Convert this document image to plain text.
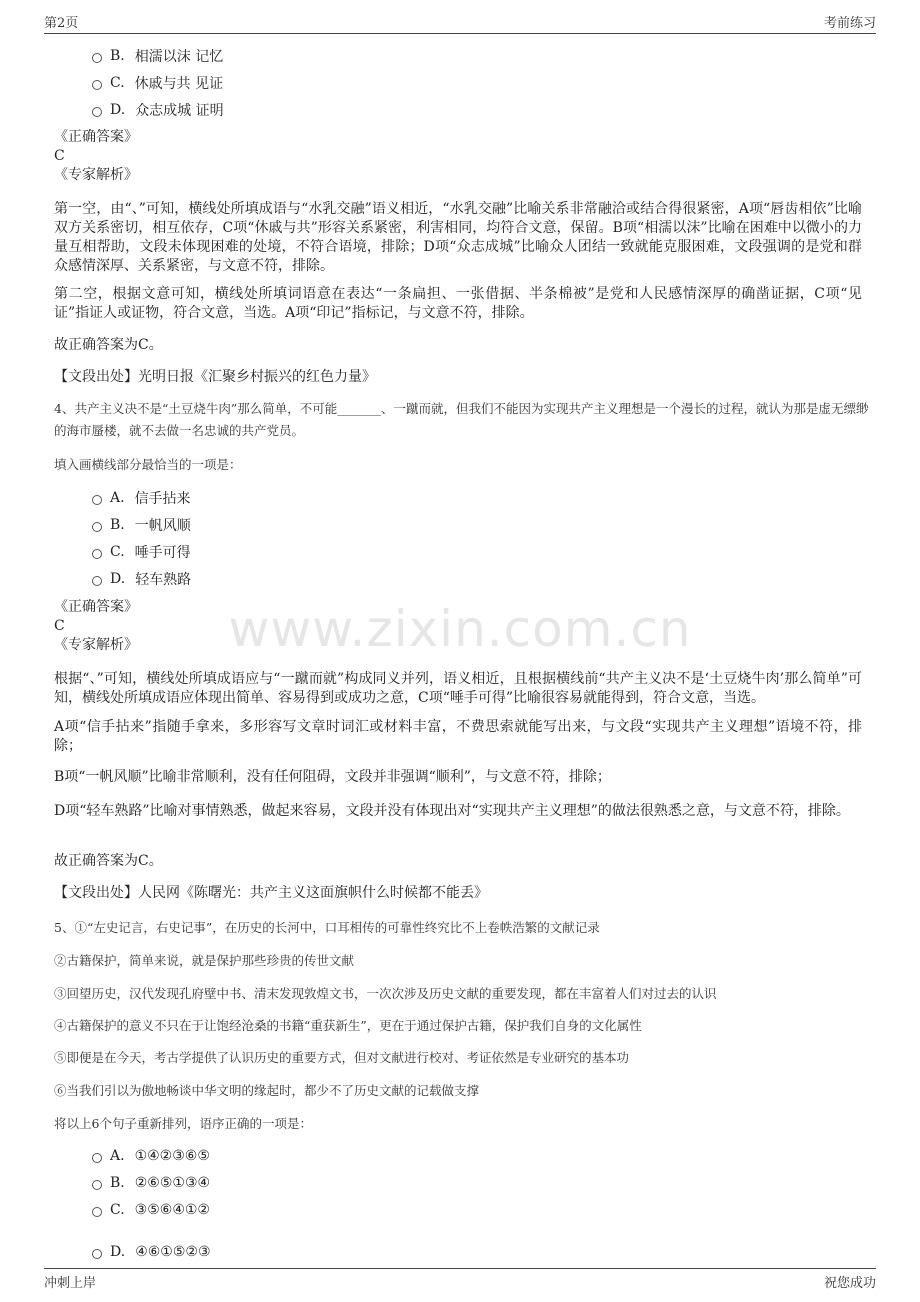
第2页	考前练习
www.zixin.com.cn
B. 相濡以沫 记忆
C. 休戚与共 见证
D. 众志成城 证明
《正确答案》
C
《专家解析》
第一空，由“、”可知，横线处所填成语与“水乳交融”语义相近，“水乳交融”比喻关系非常融洽或结合得很紧密，A项“唇齿相依”比喻双方关系密切，相互依存，C项“休戚与共”形容关系紧密，利害相同，均符合文意，保留。B项“相濡以沫”比喻在困难中以微小的力量互相帮助，文段未体现困难的处境，不符合语境，排除；D项“众志成城”比喻众人团结一致就能克服困难，文段强调的是党和群众感情深厚、关系紧密，与文意不符，排除。
第二空，根据文意可知，横线处所填词语意在表达“一条扁担、一张借据、半条棉被”是党和人民感情深厚的确凿证据，C项“见证”指证人或证物，符合文意，当选。A项“印记”指标记，与文意不符，排除。
故正确答案为C。
【文段出处】光明日报《汇聚乡村振兴的红色力量》
4、共产主义决不是“土豆烧牛肉”那么简单，不可能_______、一蹴而就，但我们不能因为实现共产主义理想是一个漫长的过程，就认为那是虚无缥缈的海市蜃楼，就不去做一名忠诚的共产党员。
填入画横线部分最恰当的一项是：
A. 信手拈来
B. 一帆风顺
C. 唾手可得
D. 轻车熟路
《正确答案》
C
《专家解析》
根据“、”可知，横线处所填成语应与“一蹴而就”构成同义并列，语义相近，且根据横线前“共产主义决不是‘土豆烧牛肉’那么简单”可知，横线处所填成语应体现出简单、容易得到或成功之意，C项“唾手可得”比喻很容易就能得到，符合文意，当选。
A项“信手拈来”指随手拿来，多形容写文章时词汇或材料丰富，不费思索就能写出来，与文段“实现共产主义理想”语境不符，排除；
B项“一帆风顺”比喻非常顺利，没有任何阻碍，文段并非强调“顺利”，与文意不符，排除；
D项“轻车熟路”比喻对事情熟悉，做起来容易，文段并没有体现出对“实现共产主义理想”的做法很熟悉之意，与文意不符，排除。
故正确答案为C。
【文段出处】人民网《陈曙光：共产主义这面旗帜什么时候都不能丢》
5、①“左史记言，右史记事”，在历史的长河中，口耳相传的可靠性终究比不上卷帙浩繁的文献记录
②古籍保护，简单来说，就是保护那些珍贵的传世文献
③回望历史，汉代发现孔府壁中书、清末发现敦煌文书，一次次涉及历史文献的重要发现，都在丰富着人们对过去的认识
④古籍保护的意义不只在于让饱经沧桑的书籍“重获新生”，更在于通过保护古籍，保护我们自身的文化属性
⑤即便是在今天，考古学提供了认识历史的重要方式，但对文献进行校对、考证依然是专业研究的基本功
⑥当我们引以为傲地畅谈中华文明的缘起时，都少不了历史文献的记载做支撑
将以上6个句子重新排列，语序正确的一项是：
A. ①④②③⑥⑤
B. ②⑥⑤①③④
C. ③⑤⑥④①②
D. ④⑥①⑤②③
冲刺上岸	祝您成功
